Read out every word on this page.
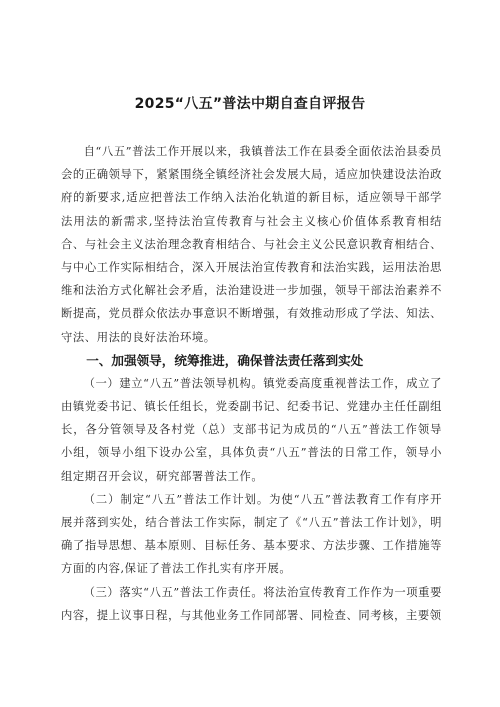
2025“八五”普法中期自查自评报告

自“八五”普法工作开展以来，我镇普法工作在县委全面依法治县委员会的正确领导下，紧紧围绕全镇经济社会发展大局，适应加快建设法治政府的新要求,适应把普法工作纳入法治化轨道的新目标，适应领导干部学法用法的新需求,坚持法治宣传教育与社会主义核心价值体系教育相结合、与社会主义法治理念教育相结合、与社会主义公民意识教育相结合、与中心工作实际相结合，深入开展法治宣传教育和法治实践，运用法治思维和法治方式化解社会矛盾，法治建设进一步加强，领导干部法治素养不断提高，党员群众依法办事意识不断增强，有效推动形成了学法、知法、守法、用法的良好法治环境。

一、加强领导，统筹推进，确保普法责任落到实处

（一）建立“八五”普法领导机构。镇党委高度重视普法工作，成立了由镇党委书记、镇长任组长，党委副书记、纪委书记、党建办主任任副组长，各分管领导及各村党（总）支部书记为成员的“八五”普法工作领导小组，领导小组下设办公室，具体负责“八五”普法的日常工作，领导小组定期召开会议，研究部署普法工作。

（二）制定“八五”普法工作计划。为使“八五”普法教育工作有序开展并落到实处，结合普法工作实际，制定了《“八五”普法工作计划》，明确了指导思想、基本原则、目标任务、基本要求、方法步骤、工作措施等方面的内容,保证了普法工作扎实有序开展。

（三）落实“八五”普法工作责任。将法治宣传教育工作作为一项重要内容，提上议事日程，与其他业务工作同部署、同检查、同考核，主要领
